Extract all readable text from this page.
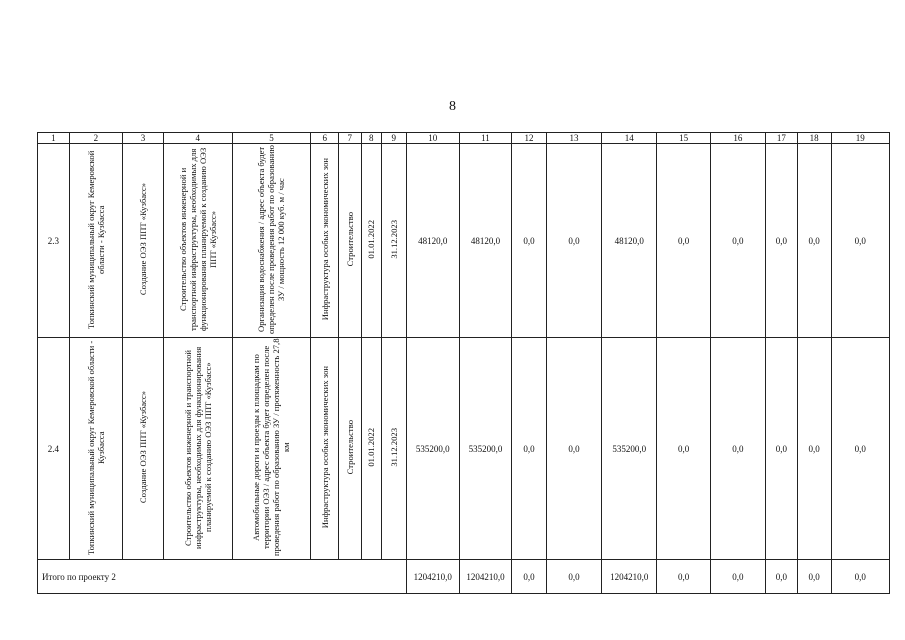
8
1	2	3	4	5	6	7	8	9	10	11	12	13	14	15	16	17	18	19
2.3	Топкинский муниципальный округ Кемеровской области - Кузбасса	Создание ОЭЗ ППТ «Кузбасс»	Строительство объектов инженерной и транспортной инфраструктуры, необходимых для функционирования планируемой к созданию ОЭЗ ППТ «Кузбасс»	Организация водоснабжения / адрес объекта будет определен после проведения работ по образованию ЗУ / мощность 12 000 куб. м / час	Инфраструктура особых экономических зон	Строительство	01.01.2022	31.12.2023	48120,0	48120,0	0,0	0,0	48120,0	0,0	0,0	0,0	0,0	0,0
2.4	Топкинский муниципальный округ Кемеровской области - Кузбасса	Создание ОЭЗ ППТ «Кузбасс»	Строительство объектов инженерной и транспортной инфраструктуры, необходимых для функционирования планируемой к созданию ОЭЗ ППТ «Кузбасс»	Автомобильные дороги и проезды к площадкам по территории ОЭЗ / адрес объекта будет определен после проведения работ по образованию ЗУ / протяженность 27,8 км	Инфраструктура особых экономических зон	Строительство	01.01.2022	31.12.2023	535200,0	535200,0	0,0	0,0	535200,0	0,0	0,0	0,0	0,0	0,0
Итого по проекту 2									1204210,0	1204210,0	0,0	0,0	1204210,0	0,0	0,0	0,0	0,0	0,0
